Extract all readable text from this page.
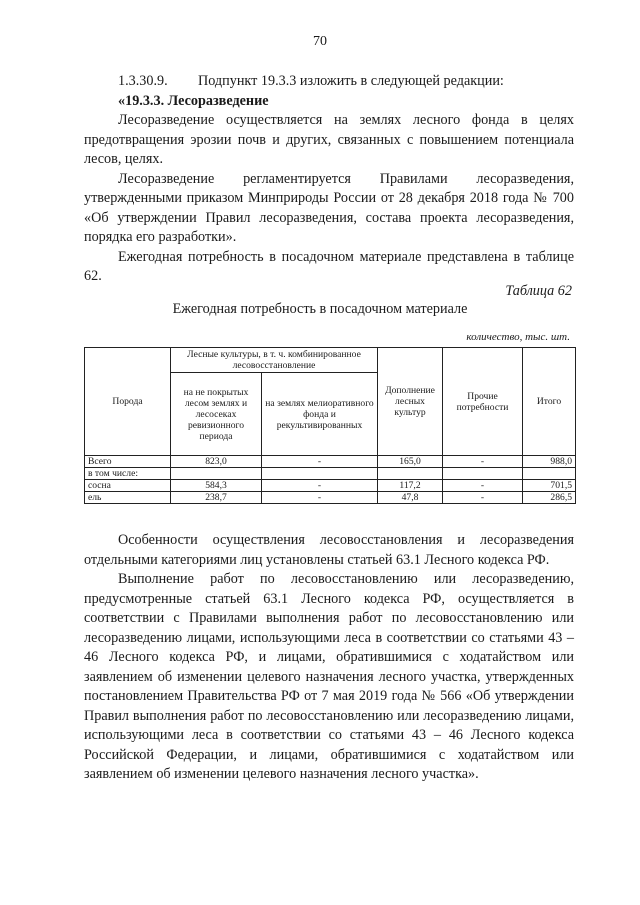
70

1.3.30.9. Подпункт 19.3.3 изложить в следующей редакции:

«19.3.3. Лесоразведение

Лесоразведение осуществляется на землях лесного фонда в целях предотвращения эрозии почв и других, связанных с повышением потенциала лесов, целях.

Лесоразведение регламентируется Правилами лесоразведения, утвержденными приказом Минприроды России от 28 декабря 2018 года № 700 «Об утверждении Правил лесоразведения, состава проекта лесоразведения, порядка его разработки».

Ежегодная потребность в посадочном материале представлена в таблице 62.

Таблица 62
Ежегодная потребность в посадочном материале
количество, тыс. шт.
Порода	Лесные культуры, в т. ч. комбинированное лесовосстановление		Дополнение лесных культур	Прочие потребности	Итого
	на не покрытых лесом землях и лесосеках ревизионного периода	на землях мелиоративного фонда и рекультивированных			
Всего	823,0	-	165,0	-	988,0
в том числе:					
сосна	584,3	-	117,2	-	701,5
ель	238,7	-	47,8	-	286,5

Особенности осуществления лесовосстановления и лесоразведения отдельными категориями лиц установлены статьей 63.1 Лесного кодекса РФ.

Выполнение работ по лесовосстановлению или лесоразведению, предусмотренные статьей 63.1 Лесного кодекса РФ, осуществляется в соответствии с Правилами выполнения работ по лесовосстановлению или лесоразведению лицами, использующими леса в соответствии со статьями 43 – 46 Лесного кодекса РФ, и лицами, обратившимися с ходатайством или заявлением об изменении целевого назначения лесного участка, утвержденных постановлением Правительства РФ от 7 мая 2019 года № 566 «Об утверждении Правил выполнения работ по лесовосстановлению или лесоразведению лицами, использующими леса в соответствии со статьями 43 – 46 Лесного кодекса Российской Федерации, и лицами, обратившимися с ходатайством или заявлением об изменении целевого назначения лесного участка».
